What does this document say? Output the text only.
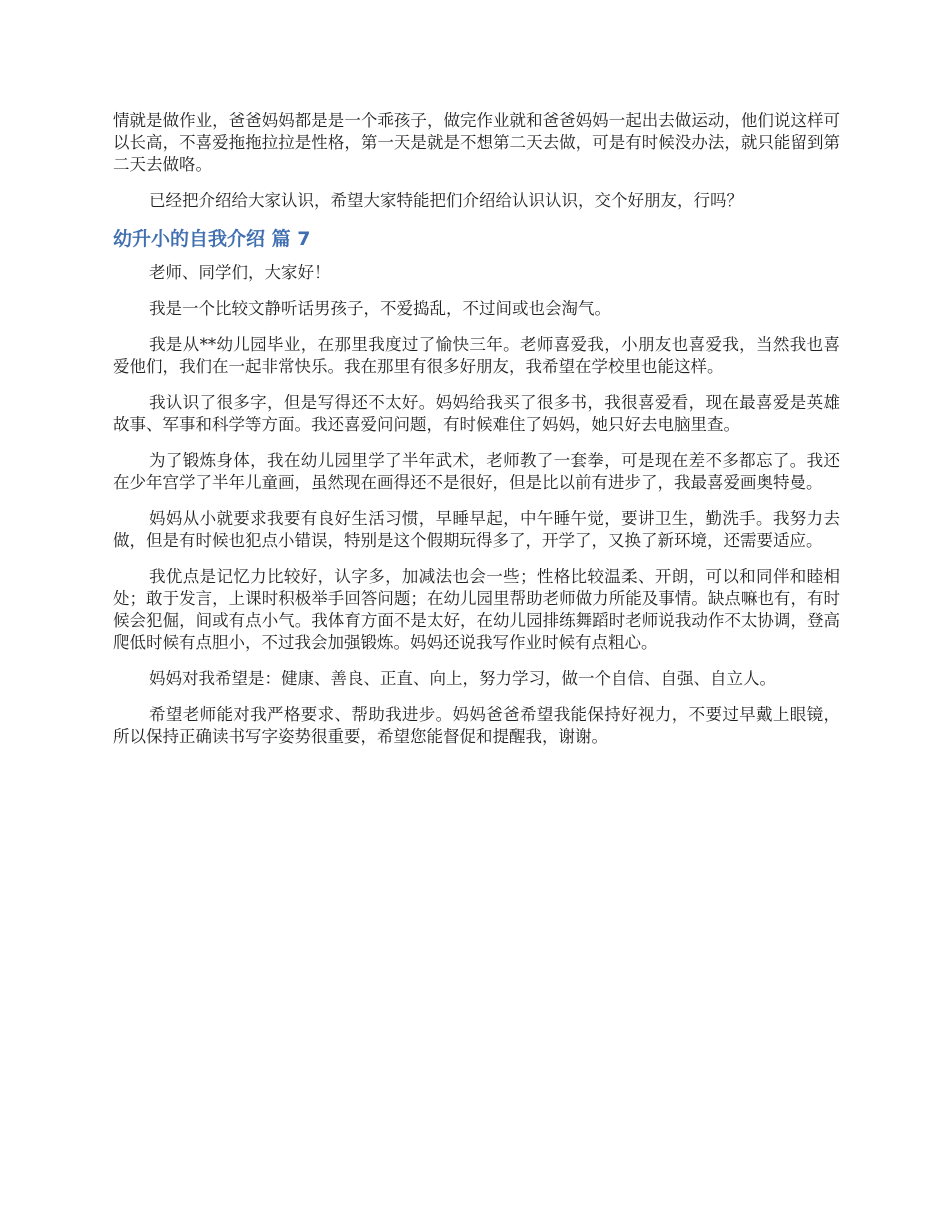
情就是做作业，爸爸妈妈都是是一个乖孩子，做完作业就和爸爸妈妈一起出去做运动，他们说这样可以长高，不喜爱拖拖拉拉是性格，第一天是就是不想第二天去做，可是有时候没办法，就只能留到第二天去做咯。

已经把介绍给大家认识，希望大家特能把们介绍给认识认识，交个好朋友，行吗？

幼升小的自我介绍 篇 7

老师、同学们，大家好！

我是一个比较文静听话男孩子，不爱捣乱，不过间或也会淘气。

我是从**幼儿园毕业，在那里我度过了愉快三年。老师喜爱我，小朋友也喜爱我，当然我也喜爱他们，我们在一起非常快乐。我在那里有很多好朋友，我希望在学校里也能这样。

我认识了很多字，但是写得还不太好。妈妈给我买了很多书，我很喜爱看，现在最喜爱是英雄故事、军事和科学等方面。我还喜爱问问题，有时候难住了妈妈，她只好去电脑里查。

为了锻炼身体，我在幼儿园里学了半年武术，老师教了一套拳，可是现在差不多都忘了。我还在少年宫学了半年儿童画，虽然现在画得还不是很好，但是比以前有进步了，我最喜爱画奥特曼。

妈妈从小就要求我要有良好生活习惯，早睡早起，中午睡午觉，要讲卫生，勤洗手。我努力去做，但是有时候也犯点小错误，特别是这个假期玩得多了，开学了，又换了新环境，还需要适应。

我优点是记忆力比较好，认字多，加减法也会一些；性格比较温柔、开朗，可以和同伴和睦相处；敢于发言，上课时积极举手回答问题；在幼儿园里帮助老师做力所能及事情。缺点嘛也有，有时候会犯倔，间或有点小气。我体育方面不是太好，在幼儿园排练舞蹈时老师说我动作不太协调，登高爬低时候有点胆小，不过我会加强锻炼。妈妈还说我写作业时候有点粗心。

妈妈对我希望是：健康、善良、正直、向上，努力学习，做一个自信、自强、自立人。

希望老师能对我严格要求、帮助我进步。妈妈爸爸希望我能保持好视力，不要过早戴上眼镜，所以保持正确读书写字姿势很重要，希望您能督促和提醒我，谢谢。
